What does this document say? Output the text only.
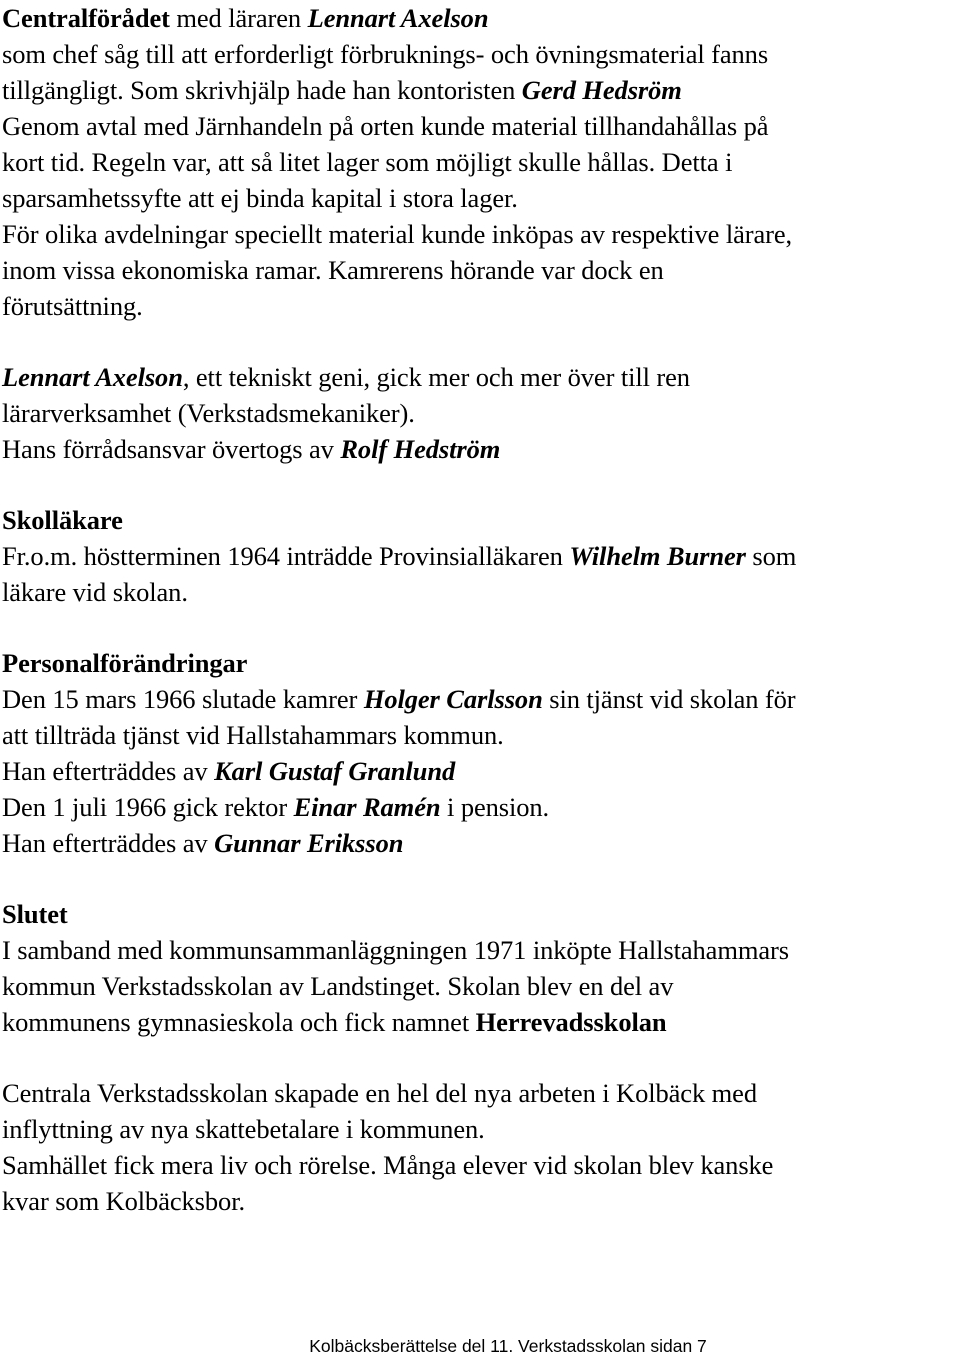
Centralförådet med läraren Lennart Axelson
som chef såg till att erforderligt förbruknings- och övningsmaterial fanns
tillgängligt. Som skrivhjälp hade han kontoristen Gerd Hedsröm
Genom avtal med Järnhandeln på orten kunde material tillhandahållas på
kort tid. Regeln var, att så litet lager som möjligt skulle hållas. Detta i
sparsamhetssyfte att ej binda kapital i stora lager.
För olika avdelningar speciellt material kunde inköpas av respektive lärare,
inom vissa ekonomiska ramar. Kamrerens hörande var dock en
förutsättning.
Lennart Axelson, ett tekniskt geni, gick mer och mer över till ren
lärarverksamhet (Verkstadsmekaniker).
Hans förrådsansvar övertogs av Rolf Hedström
Skolläkare
Fr.o.m. höstterminen 1964 inträdde Provinsialläkaren Wilhelm Burner som
läkare vid skolan.
Personalförändringar
Den 15 mars 1966 slutade kamrer Holger Carlsson sin tjänst vid skolan för
att tillträda tjänst vid Hallstahammars kommun.
Han efterträddes av Karl Gustaf Granlund
Den 1 juli 1966 gick rektor Einar Ramén i pension.
Han efterträddes av Gunnar Eriksson
Slutet
I samband med kommunsammanläggningen 1971 inköpte Hallstahammars
kommun Verkstadsskolan av Landstinget. Skolan blev en del av
kommunens gymnasieskola och fick namnet Herrevadsskolan
Centrala Verkstadsskolan skapade en hel del nya arbeten i Kolbäck med
inflyttning av nya skattebetalare i kommunen.
Samhället fick mera liv och rörelse. Många elever vid skolan blev kanske
kvar som Kolbäcksbor.
Kolbäcksberättelse del 11. Verkstadsskolan sidan 7
